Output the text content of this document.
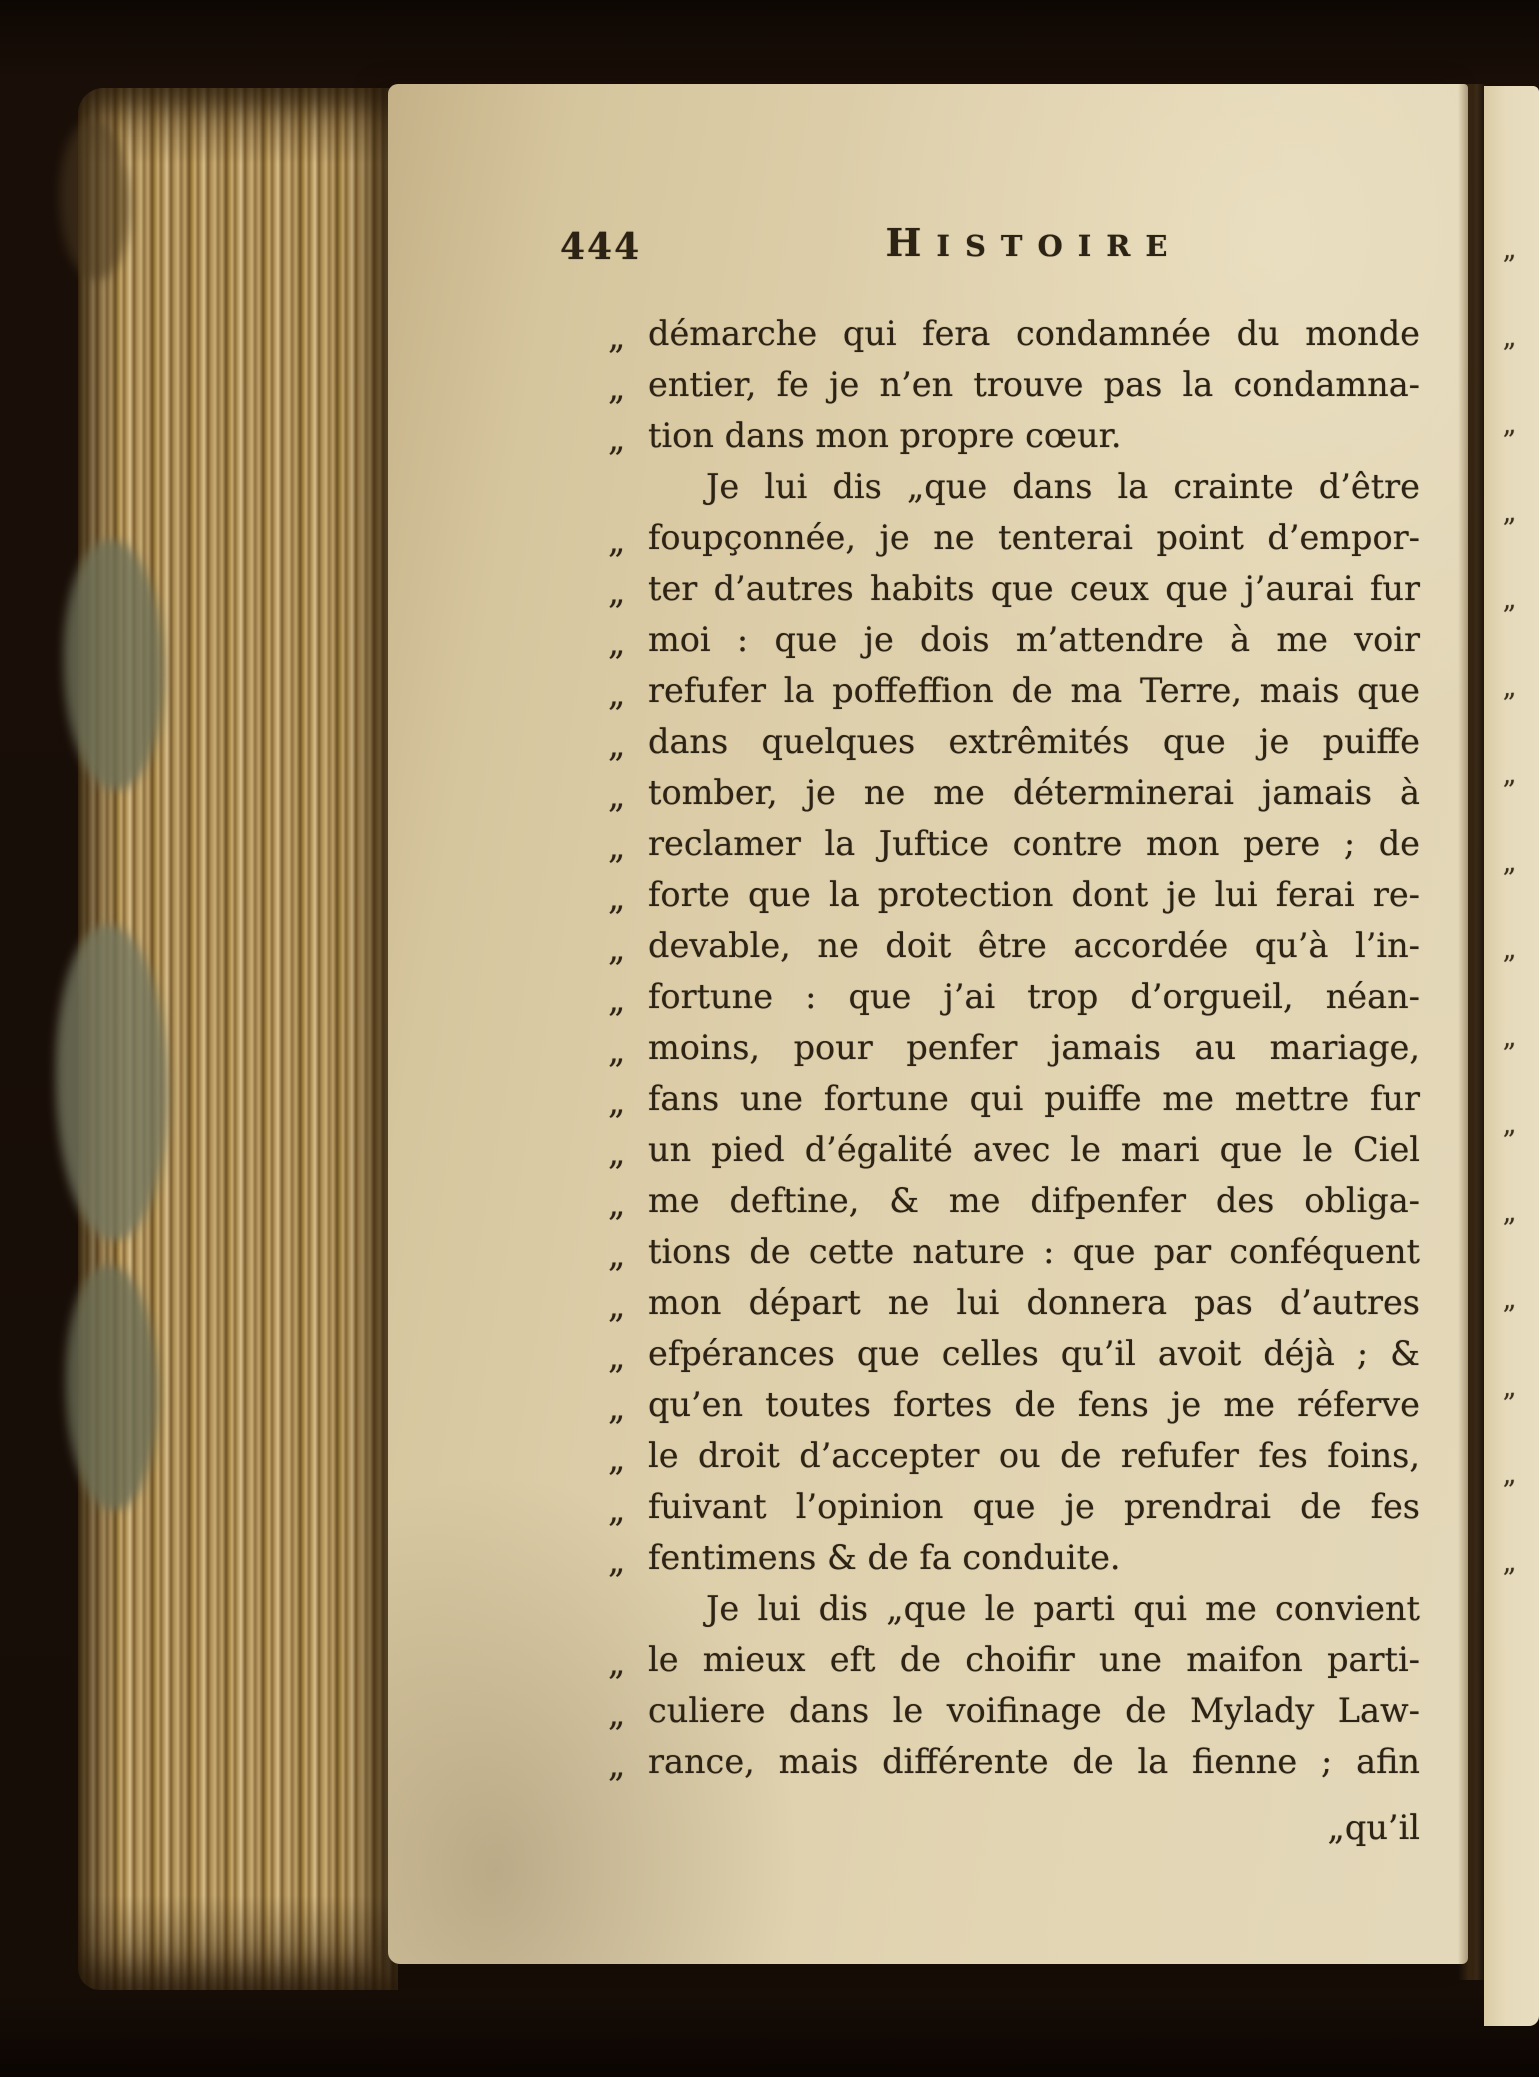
444	HISTOIRE
„ démarche qui fera condamnée du monde
„ entier, fe je n’en trouve pas la condamna-
„ tion dans mon propre cœur.
Je lui dis „que dans la crainte d’être
„ foupçonnée, je ne tenterai point d’empor-
„ ter d’autres habits que ceux que j’aurai fur
„ moi : que je dois m’attendre à me voir
„ refufer la poffeffion de ma Terre, mais que
„ dans quelques extrêmités que je puiffe
„ tomber, je ne me déterminerai jamais à
„ reclamer la Juftice contre mon pere ; de
„ forte que la protection dont je lui ferai re-
„ devable, ne doit être accordée qu’à l’in-
„ fortune : que j’ai trop d’orgueil, néan-
„ moins, pour penfer jamais au mariage,
„ fans une fortune qui puiffe me mettre fur
„ un pied d’égalité avec le mari que le Ciel
„ me deftine, & me difpenfer des obliga-
„ tions de cette nature : que par conféquent
„ mon départ ne lui donnera pas d’autres
„ efpérances que celles qu’il avoit déjà ; &
„ qu’en toutes fortes de fens je me réferve
„ le droit d’accepter ou de refufer fes foins,
„ fuivant l’opinion que je prendrai de fes
„ fentimens & de fa conduite.
Je lui dis „que le parti qui me convient
„ le mieux eft de choifir une maifon parti-
„ culiere dans le voifinage de Mylady Law-
„ rance, mais différente de la fienne ; afin
„qu’il
„
„
„
„
„
„
„
„
„
„
„
„
„
„
„
„
